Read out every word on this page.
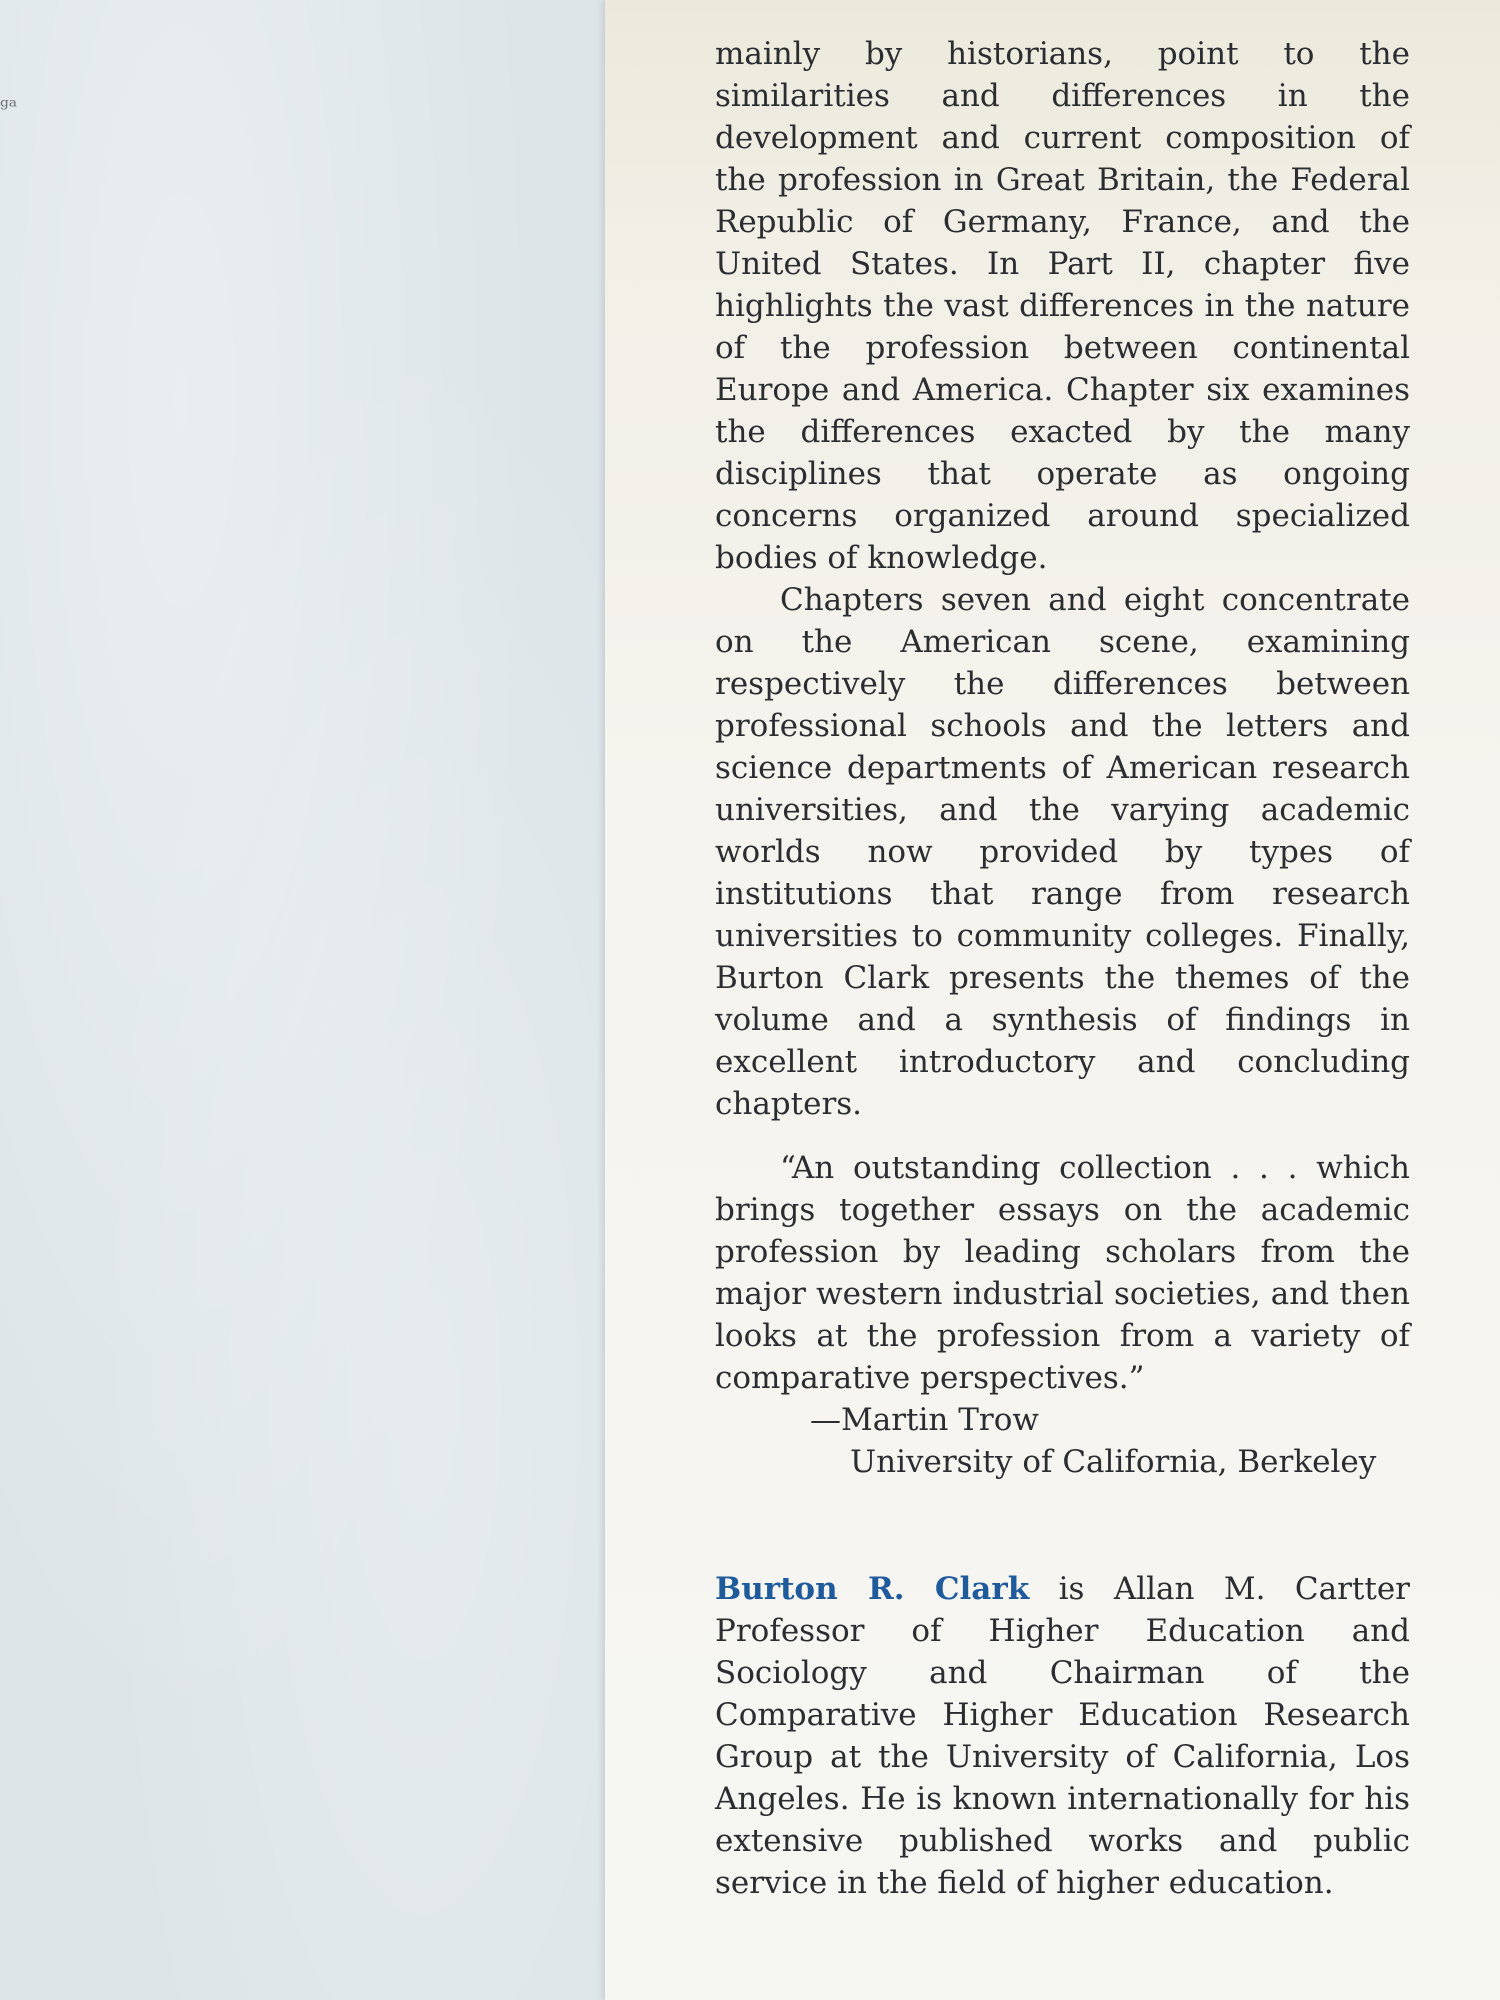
ᵍᵃ

mainly by historians, point to the similarities and differences in the development and current composition of the profession in Great Britain, the Federal Republic of Germany, France, and the United States. In Part II, chapter five highlights the vast differences in the nature of the profession between continental Europe and America. Chapter six examines the differences exacted by the many disciplines that operate as ongoing concerns organized around specialized bodies of knowledge.

Chapters seven and eight concentrate on the American scene, examining respectively the differences between professional schools and the letters and science departments of American research universities, and the varying academic worlds now provided by types of institutions that range from research universities to community colleges. Finally, Burton Clark presents the themes of the volume and a synthesis of findings in excellent introductory and concluding chapters.

“An outstanding collection . . . which brings together essays on the academic profession by leading scholars from the major western industrial societies, and then looks at the profession from a variety of comparative perspectives.”

—Martin Trow

University of California, Berkeley

Burton R. Clark is Allan M. Cartter Professor of Higher Education and Sociology and Chairman of the Comparative Higher Education Research Group at the University of California, Los Angeles. He is known internationally for his extensive published works and public service in the field of higher education.
